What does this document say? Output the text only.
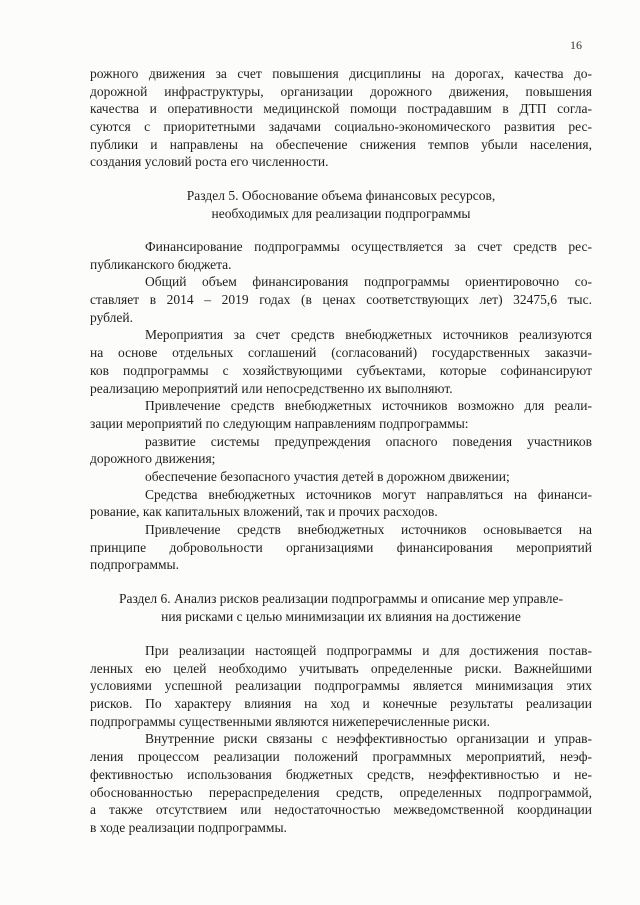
16
рожного движения за счет повышения дисциплины на дорогах, качества до-
дорожной инфраструктуры, организации дорожного движения, повышения
качества и оперативности медицинской помощи пострадавшим в ДТП согла-
суются с приоритетными задачами социально-экономического развития рес-
публики и направлены на обеспечение снижения темпов убыли населения,
создания условий роста его численности.
Раздел 5. Обоснование объема финансовых ресурсов,
необходимых для реализации подпрограммы
Финансирование подпрограммы осуществляется за счет средств рес-
публиканского бюджета.
Общий объем финансирования подпрограммы ориентировочно со-
ставляет в 2014 – 2019 годах (в ценах соответствующих лет) 32475,6 тыс.
рублей.
Мероприятия за счет средств внебюджетных источников реализуются
на основе отдельных соглашений (согласований) государственных заказчи-
ков подпрограммы с хозяйствующими субъектами, которые софинансируют
реализацию мероприятий или непосредственно их выполняют.
Привлечение средств внебюджетных источников возможно для реали-
зации мероприятий по следующим направлениям подпрограммы:
развитие системы предупреждения опасного поведения участников
дорожного движения;
обеспечение безопасного участия детей в дорожном движении;
Средства внебюджетных источников могут направляться на финанси-
рование, как капитальных вложений, так и прочих расходов.
Привлечение средств внебюджетных источников основывается на
принципе добровольности организациями финансирования мероприятий
подпрограммы.
Раздел 6. Анализ рисков реализации подпрограммы и описание мер управле-
ния рисками с целью минимизации их влияния на достижение
При реализации настоящей подпрограммы и для достижения постав-
ленных ею целей необходимо учитывать определенные риски. Важнейшими
условиями успешной реализации подпрограммы является минимизация этих
рисков. По характеру влияния на ход и конечные результаты реализации
подпрограммы существенными являются нижеперечисленные риски.
Внутренние риски связаны с неэффективностью организации и управ-
ления процессом реализации положений программных мероприятий, неэф-
фективностью использования бюджетных средств, неэффективностью и не-
обоснованностью перераспределения средств, определенных подпрограммой,
а также отсутствием или недостаточностью межведомственной координации
в ходе реализации подпрограммы.
